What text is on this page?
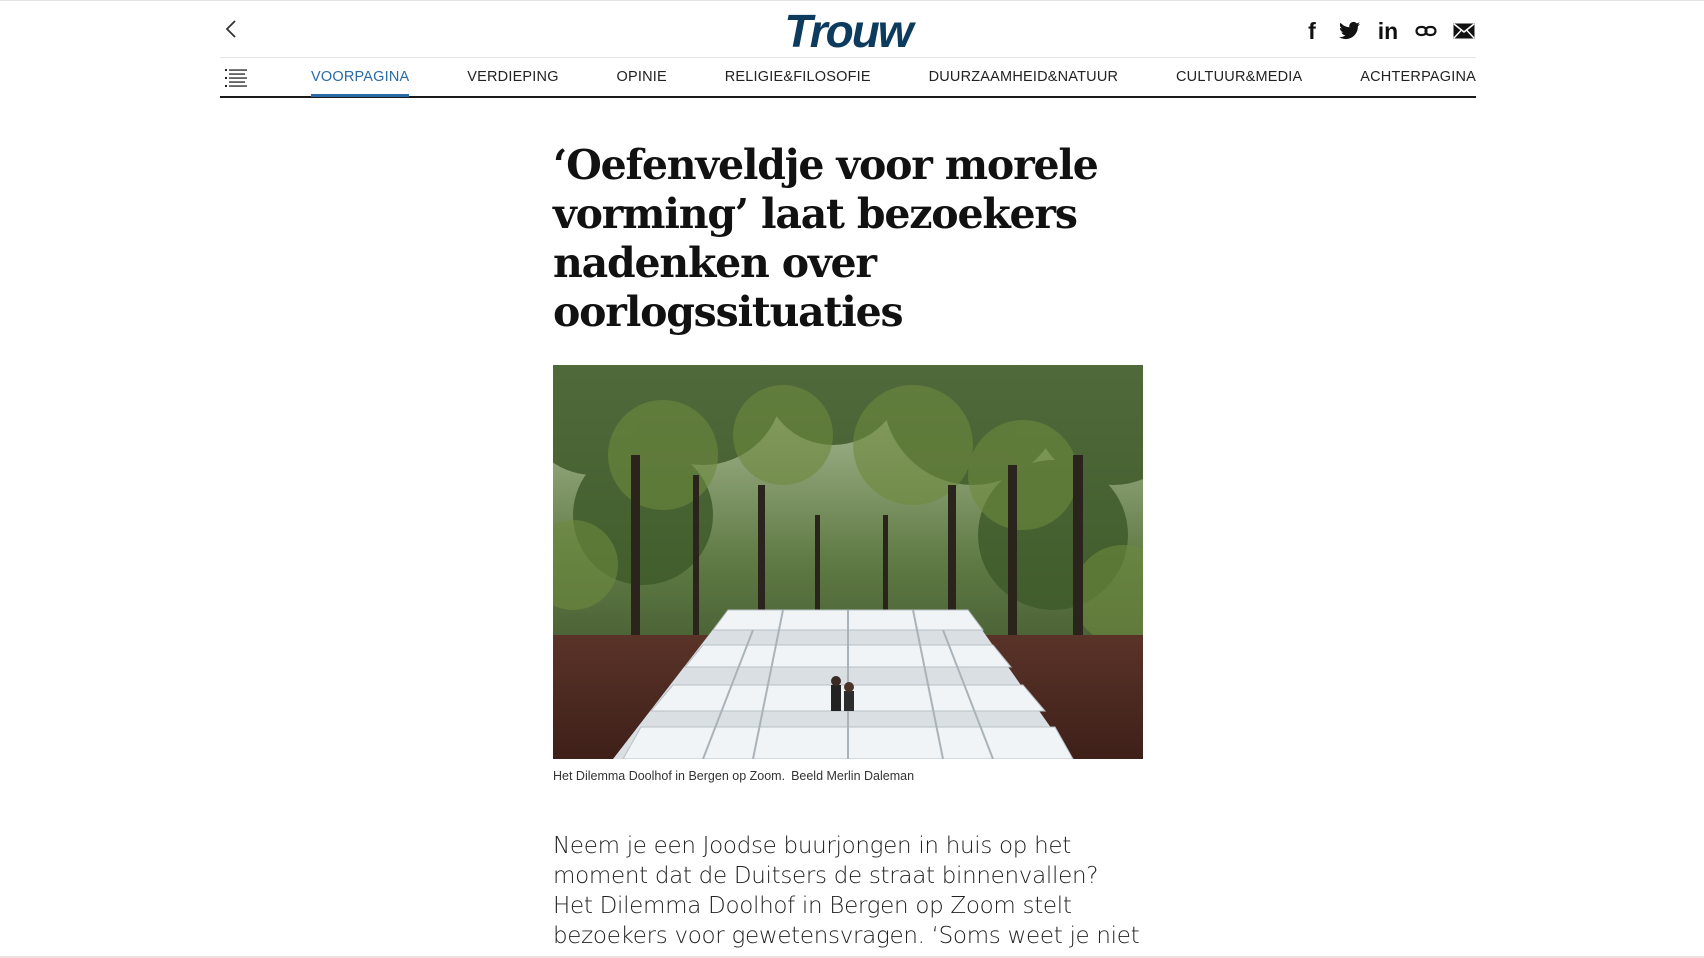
Trouw	f	in
VOORPAGINA	VERDIEPING	OPINIE	RELIGIE&FILOSOFIE	DUURZAAMHEID&NATUUR	CULTUUR&MEDIA	ACHTERPAGINA
‘Oefenveldje voor morele vorming’ laat bezoekers nadenken over oorlogssituaties
Het Dilemma Doolhof in Bergen op Zoom. Beeld Merlin Daleman

Neem je een Joodse buurjongen in huis op het moment dat de Duitsers de straat binnenvallen? Het Dilemma Doolhof in Bergen op Zoom stelt bezoekers voor gewetensvragen. ‘Soms weet je niet
